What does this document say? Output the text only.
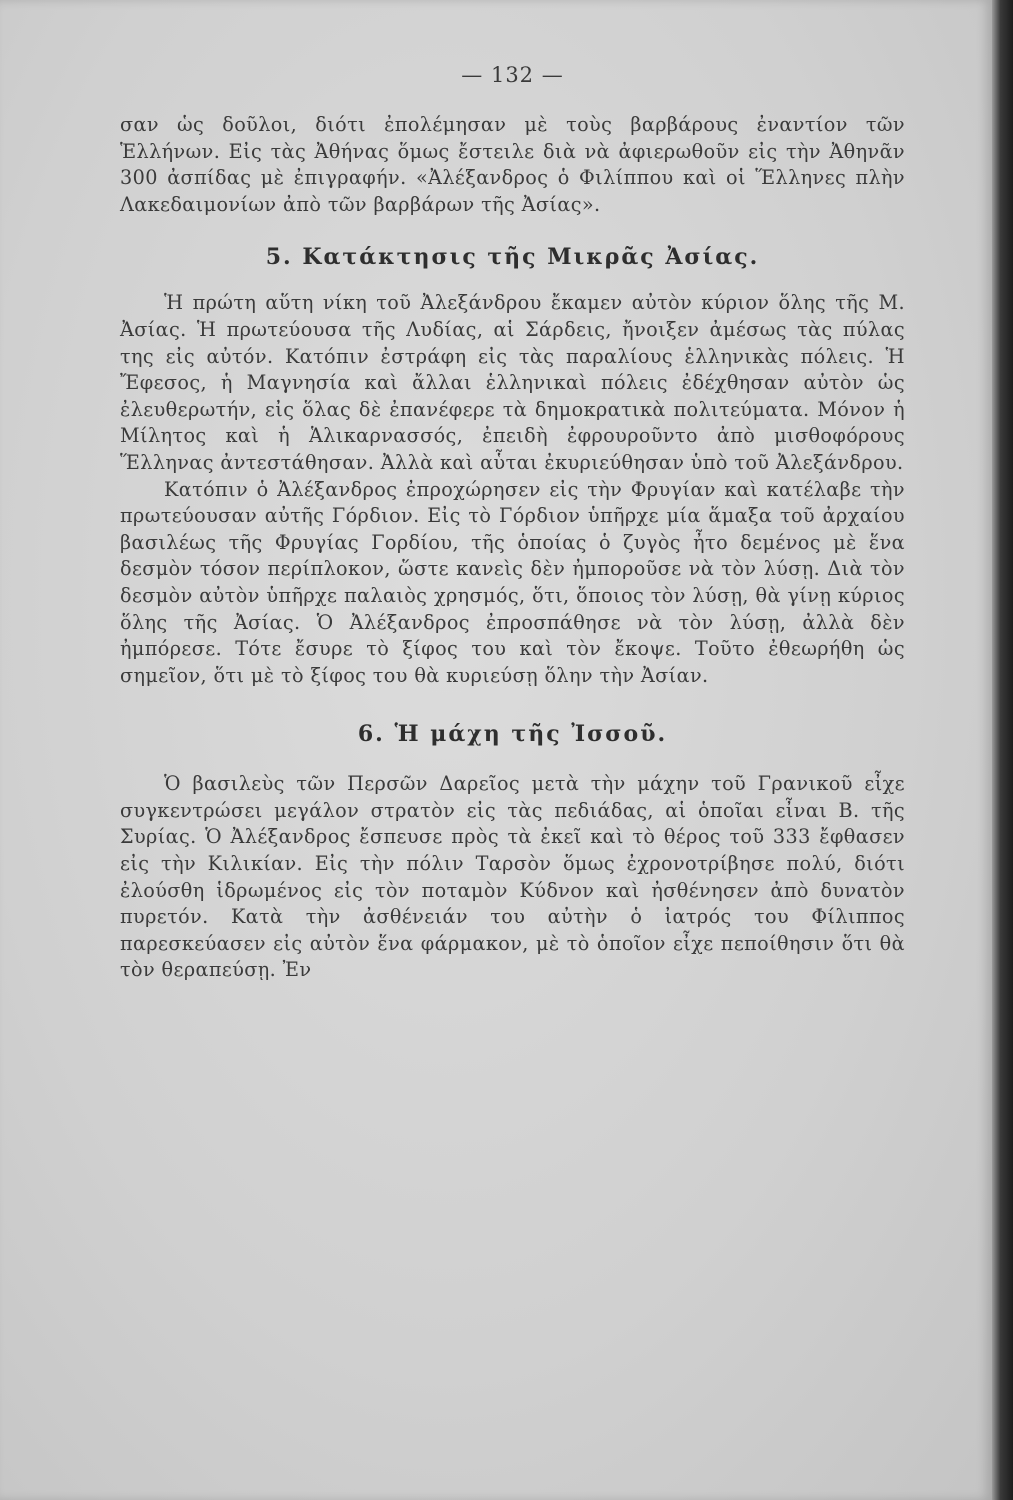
— 132 —

σαν ὡς δοῦλοι, διότι ἐπολέμησαν μὲ τοὺς βαρβάρους ἐναντίον τῶν Ἑλλήνων. Εἰς τὰς Ἀθήνας ὅμως ἔστειλε διὰ νὰ ἀφιερωθοῦν εἰς τὴν Ἀθηνᾶν 300 ἀσπίδας μὲ ἐπιγραφήν. «Ἀλέξανδρος ὁ Φιλίππου καὶ οἱ Ἕλληνες πλὴν Λακεδαιμονίων ἀπὸ τῶν βαρβάρων τῆς Ἀσίας».

5. Κατάκτησις τῆς Μικρᾶς Ἀσίας.

Ἡ πρώτη αὕτη νίκη τοῦ Ἀλεξάνδρου ἔκαμεν αὐτὸν κύριον ὅλης τῆς Μ. Ἀσίας. Ἡ πρωτεύουσα τῆς Λυδίας, αἱ Σάρδεις, ἤνοιξεν ἀμέσως τὰς πύλας της εἰς αὐτόν. Κατόπιν ἐστράφη εἰς τὰς παραλίους ἑλληνικὰς πόλεις. Ἡ Ἔφεσος, ἡ Μαγνησία καὶ ἄλλαι ἑλληνικαὶ πόλεις ἐδέχθησαν αὐτὸν ὡς ἐλευθερωτήν, εἰς ὅλας δὲ ἐπανέφερε τὰ δημοκρατικὰ πολιτεύματα. Μόνον ἡ Μίλητος καὶ ἡ Ἁλικαρνασσός, ἐπειδὴ ἐφρουροῦντο ἀπὸ μισθοφόρους Ἕλληνας ἀντεστάθησαν. Ἀλλὰ καὶ αὗται ἐκυριεύθησαν ὑπὸ τοῦ Ἀλεξάνδρου.

Κατόπιν ὁ Ἀλέξανδρος ἐπροχώρησεν εἰς τὴν Φρυγίαν καὶ κατέλαβε τὴν πρωτεύουσαν αὐτῆς Γόρδιον. Εἰς τὸ Γόρδιον ὑπῆρχε μία ἅμαξα τοῦ ἀρχαίου βασιλέως τῆς Φρυγίας Γορδίου, τῆς ὁποίας ὁ ζυγὸς ἦτο δεμένος μὲ ἕνα δεσμὸν τόσον περίπλοκον, ὥστε κανεὶς δὲν ἠμποροῦσε νὰ τὸν λύσῃ. Διὰ τὸν δεσμὸν αὐτὸν ὑπῆρχε παλαιὸς χρησμός, ὅτι, ὅποιος τὸν λύσῃ, θὰ γίνῃ κύριος ὅλης τῆς Ἀσίας. Ὁ Ἀλέξανδρος ἐπροσπάθησε νὰ τὸν λύσῃ, ἀλλὰ δὲν ἠμπόρεσε. Τότε ἔσυρε τὸ ξίφος του καὶ τὸν ἔκοψε. Τοῦτο ἐθεωρήθη ὡς σημεῖον, ὅτι μὲ τὸ ξίφος του θὰ κυριεύσῃ ὅλην τὴν Ἀσίαν.

6. Ἡ μάχη τῆς Ἰσσοῦ.

Ὁ βασιλεὺς τῶν Περσῶν Δαρεῖος μετὰ τὴν μάχην τοῦ Γρανικοῦ εἶχε συγκεντρώσει μεγάλον στρατὸν εἰς τὰς πεδιάδας, αἱ ὁποῖαι εἶναι Β. τῆς Συρίας. Ὁ Ἀλέξανδρος ἔσπευσε πρὸς τὰ ἐκεῖ καὶ τὸ θέρος τοῦ 333 ἔφθασεν εἰς τὴν Κιλικίαν. Εἰς τὴν πόλιν Ταρσὸν ὅμως ἐχρονοτρίβησε πολύ, διότι ἐλούσθη ἱδρωμένος εἰς τὸν ποταμὸν Κύδνον καὶ ἠσθένησεν ἀπὸ δυνατὸν πυρετόν. Κατὰ τὴν ἀσθένειάν του αὐτὴν ὁ ἰατρός του Φίλιππος παρεσκεύασεν εἰς αὐτὸν ἕνα φάρμακον, μὲ τὸ ὁποῖον εἶχε πεποίθησιν ὅτι θὰ τὸν θεραπεύσῃ. Ἐν
